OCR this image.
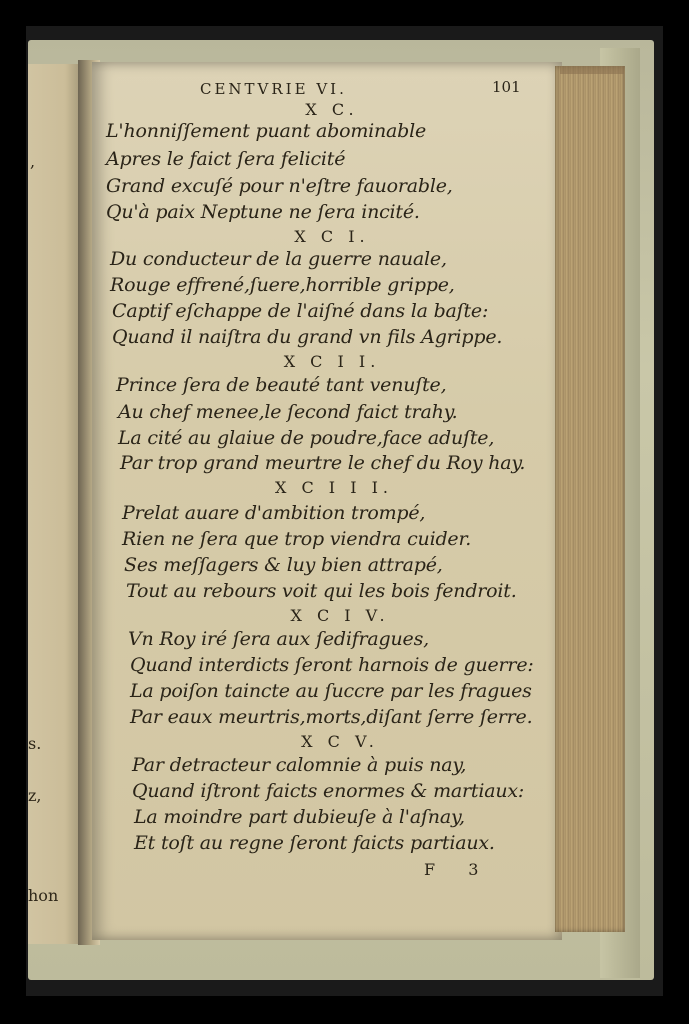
,
s.
z,
hon
CENTVRIE VI.	101
X C.
L'honniſſement puant abominable
Apres le faict ſera felicité
Grand excuſé pour n'eſtre fauorable,
Qu'à paix Neptune ne ſera incité.
X C I.
Du conducteur de la guerre nauale,
Rouge effrené,ſuere,horrible grippe,
Captif eſchappe de l'aiſné dans la baſte:
Quand il naiſtra du grand vn fils Agrippe.
X C I I.
Prince ſera de beauté tant venuſte,
Au chef menee,le ſecond faict trahy.
La cité au glaiue de poudre,face aduſte,
Par trop grand meurtre le chef du Roy hay.
X C I I I.
Prelat auare d'ambition trompé,
Rien ne ſera que trop viendra cuider.
Ses meſſagers & luy bien attrapé,
Tout au rebours voit qui les bois fendroit.
X C I V.
Vn Roy iré ſera aux ſedifragues,
Quand interdicts ſeront harnois de guerre:
La poiſon taincte au ſuccre par les fragues
Par eaux meurtris,morts,diſant ſerre ſerre.
X C V.
Par detracteur calomnie à puis nay,
Quand iſtront faicts enormes & martiaux:
La moindre part dubieuſe à l'aſnay,
Et toſt au regne ſeront faicts partiaux.
F 3
